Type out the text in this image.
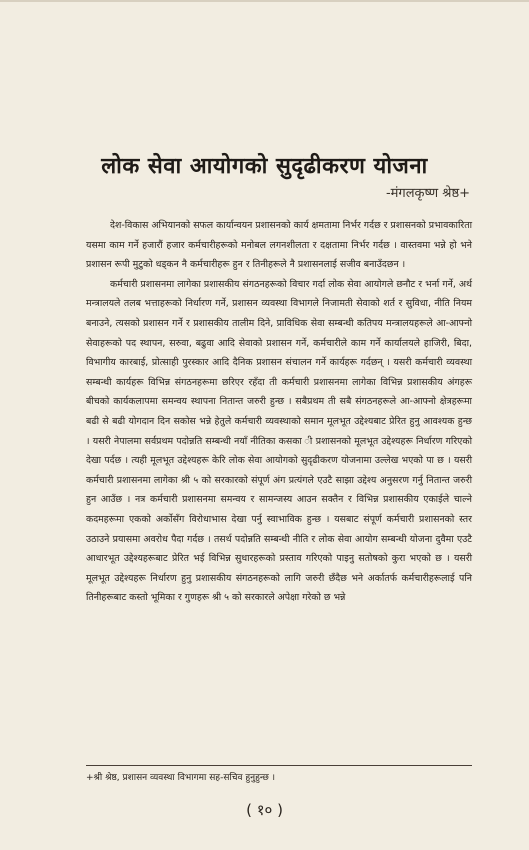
लोक सेवा आयोगको सुदृढीकरण योजना
-मंगलकृष्ण श्रेष्ठ+

देश-विकास अभियानको सफल कार्यान्वयन प्रशासनको कार्य क्षमतामा निर्भर गर्दछ र प्रशासनको प्रभावकारिता यसमा काम गर्ने हजारौं हजार कर्मचारीहरूको मनोबल लगनशीलता र दक्षतामा निर्भर गर्दछ । वास्तवमा भन्ने हो भने प्रशासन रूपी मुटुको धड्कन नै कर्मचारीहरू हुन र तिनीहरूले नै प्रशासनलाई सजीव बनाउँदछन ।

कर्मचारी प्रशासनमा लागेका प्रशासकीय संगठनहरूको विचार गर्दा लोक सेवा आयोगले छनौट र भर्ना गर्ने, अर्थ मन्त्रालयले तलब भत्ताहरूको निर्धारण गर्ने, प्रशासन व्यवस्था विभागले निजामती सेवाको शर्त र सुविधा, नीति नियम बनाउने, त्यसको प्रशासन गर्ने र प्रशासकीय तालीम दिने, प्राविधिक सेवा सम्बन्धी कतिपय मन्त्रालयहरूले आ-आफ्नो सेवाहरूको पद स्थापन, सरुवा, बढुवा आदि सेवाको प्रशासन गर्ने, कर्मचारीले काम गर्ने कार्यालयले हाजिरी, बिदा, विभागीय कारबाई, प्रोत्साही पुरस्कार आदि दैनिक प्रशासन संचालन गर्ने कार्यहरू गर्दछन् । यसरी कर्मचारी व्यवस्था सम्बन्धी कार्यहरू विभिन्न संगठनहरूमा छरिएर रहँदा ती कर्मचारी प्रशासनमा लागेका विभिन्न प्रशासकीय अंगहरू बीचको कार्यकलापमा समन्वय स्थापना नितान्त जरुरी हुन्छ । सबैप्रथम ती सबै संगठनहरूले आ-आफ्नो क्षेत्रहरूमा बढी से बढी योगदान दिन सकोस भन्ने हेतुले कर्मचारी व्यवस्थाको समान मूलभूत उद्देश्यबाट प्रेरित हुनु आवश्यक हुन्छ । यसरी नेपालमा सर्वप्रथम पदोन्नति सम्बन्धी नयाँ नीतिका कसका ी प्रशासनको मूलभूत उद्देश्यहरू निर्धारण गरिएको देखा पर्दछ । त्यही मूलभूत उद्देश्यहरू केरि लोक सेवा आयोगको सुदृढीकरण योजनामा उल्लेख भएको पा‌ छ । यसरी कर्मचारी प्रशासनमा लागेका श्री ५ को सरकारको संपूर्ण अंग प्रत्यंगले एउटै साझा उद्देश्य अनुसरण गर्नु नितान्त जरुरी हुन आउँछ । नत्र कर्मचारी प्रशासनमा समन्वय र सामन्जस्य आउन सक्तैन र विभिन्न प्रशासकीय एकाईले चाल्ने कदमहरूमा एकको अर्कोसँग विरोधाभास देखा पर्नु स्वाभाविक हुन्छ । यसबाट संपूर्ण कर्मचारी प्रशासनको स्तर उठाउने प्रयासमा अवरोध पैदा गर्दछ । तसर्थ पदोन्नति सम्बन्धी नीति र लोक सेवा आयोग सम्बन्धी योजना दुवैमा एउटै आधारभूत उद्देश्यहरूबाट प्रेरित भई विभिन्न सुधारहरूको प्रस्ताव गरिएको पाइनु सतोषको कुरा भएको छ । यसरी मूलभूत उद्देश्यहरू निर्धारण हुनु प्रशासकीय संगठनहरूको लागि जरुरी छँदैछ भने अर्कातर्फ कर्मचारीहरूलाई पनि तिनीहरूबाट कस्तो भूमिका र गुणहरू श्री ५ को सरकारले अपेक्षा गरेको छ भन्ने

+श्री श्रेष्ठ, प्रशासन व्यवस्था विभागमा सह-सचिव हुनुहुन्छ ।
( १० )
